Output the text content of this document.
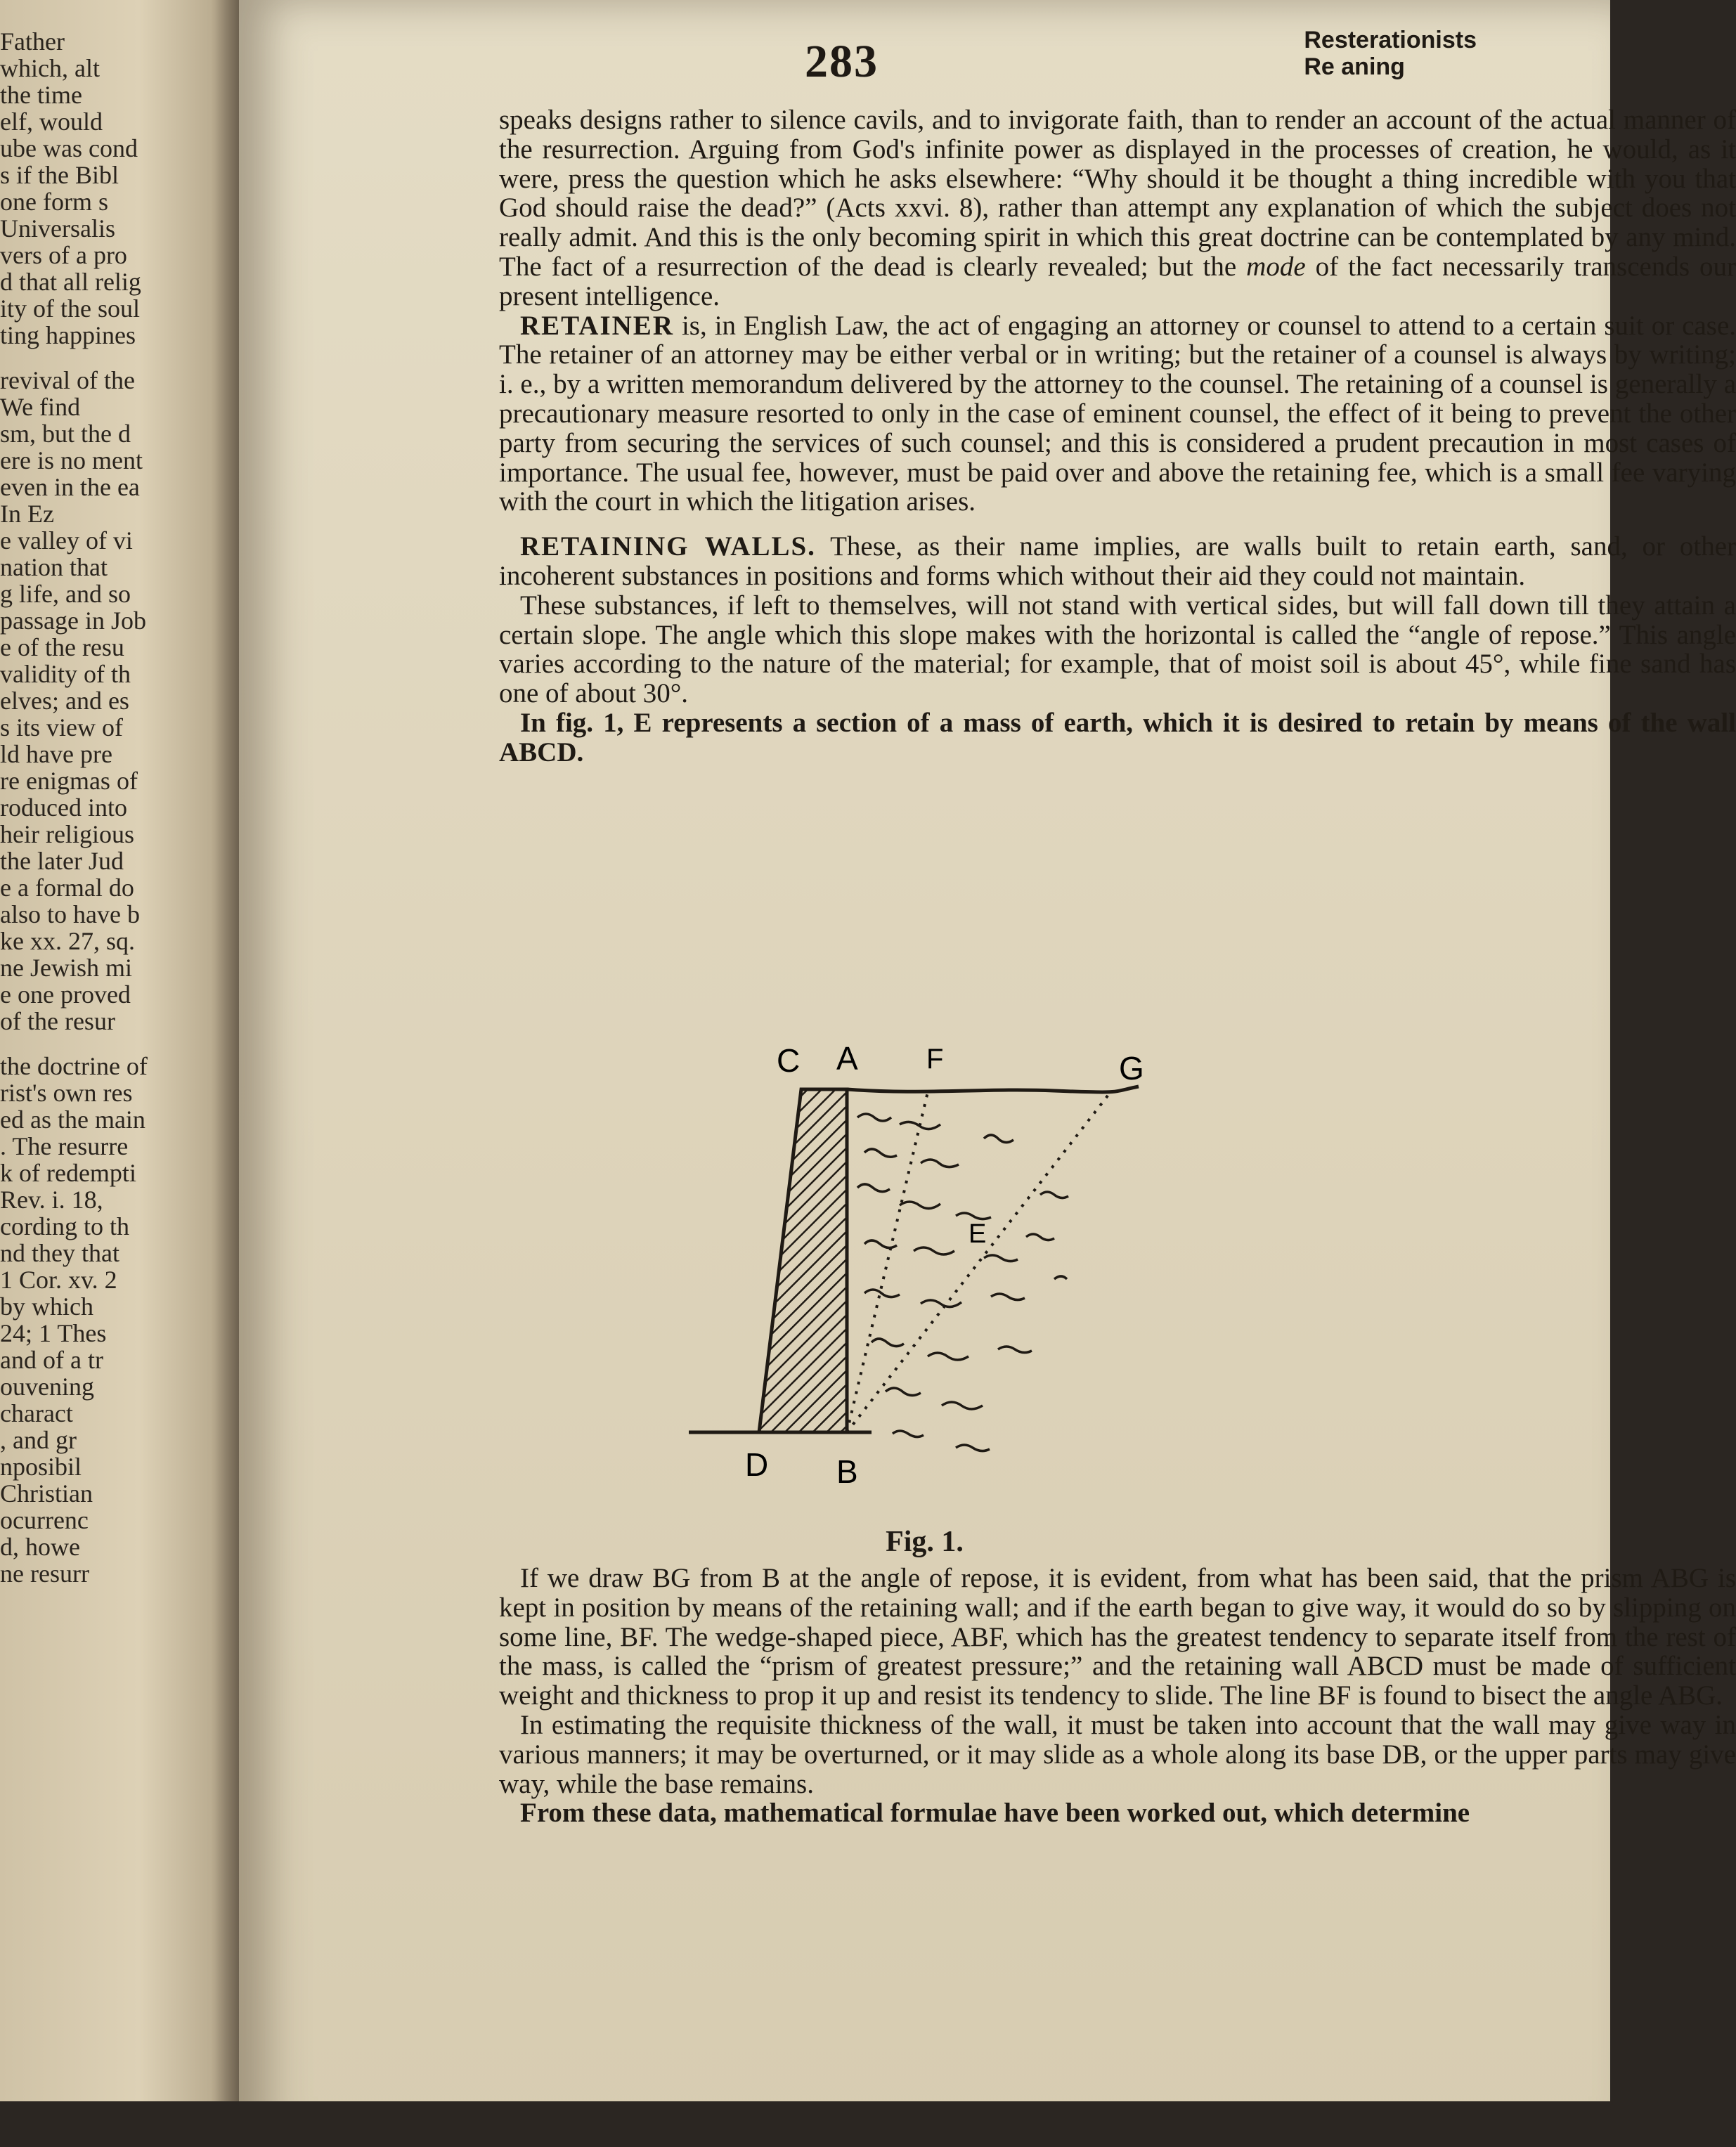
Father
which, alt
the time
elf, would
ube was cond
s if the Bibl
one form s
Universalis
vers of a pro
d that all relig
ity of the soul
ting happines
revival of the
We find
sm, but the d
ere is no ment
even in the ea
In Ez
e valley of vi
nation that
g life, and so
passage in Job
e of the resu
validity of th
elves; and es
s its view of
ld have pre
re enigmas of
roduced into
heir religious
the later Jud
e a formal do
also to have b
ke xx. 27, sq.
ne Jewish mi
e one proved
of the resur
the doctrine of
rist's own res
ed as the main
. The resurre
k of redempti
Rev. i. 18,
cording to th
nd they that
1 Cor. xv. 2
by which
24; 1 Thes
and of a tr
ouvening
charact
, and gr
nposibil
Christian
ocurrenc
d, howe
ne resurr
283	Resterationists
Re aning

speaks designs rather to silence cavils, and to invigorate faith, than to render an account of the actual manner of the resurrection. Arguing from God's infinite power as displayed in the processes of creation, he would, as it were, press the question which he asks elsewhere: “Why should it be thought a thing incredible with you that God should raise the dead?” (Acts xxvi. 8), rather than attempt any explanation of which the subject does not really admit. And this is the only becoming spirit in which this great doctrine can be contemplated by any mind. The fact of a resurrection of the dead is clearly revealed; but the mode of the fact necessarily transcends our present intelligence.

RETAINER is, in English Law, the act of engaging an attorney or counsel to attend to a certain suit or case. The retainer of an attorney may be either verbal or in writing; but the retainer of a counsel is always by writing; i. e., by a written memorandum delivered by the attorney to the counsel. The retaining of a counsel is generally a precautionary measure resorted to only in the case of eminent counsel, the effect of it being to prevent the other party from securing the services of such counsel; and this is considered a prudent precaution in most cases of importance. The usual fee, however, must be paid over and above the retaining fee, which is a small fee varying with the court in which the litigation arises.

RETAINING WALLS. These, as their name implies, are walls built to retain earth, sand, or other incoherent substances in positions and forms which without their aid they could not maintain.

These substances, if left to themselves, will not stand with vertical sides, but will fall down till they attain a certain slope. The angle which this slope makes with the horizontal is called the “angle of repose.” This angle varies according to the nature of the material; for example, that of moist soil is about 45°, while fine sand has one of about 30°.

In fig. 1, E represents a section of a mass of earth, which it is desired to retain by means of the wall ABCD.

C A F	G
E
D B
Fig. 1.

If we draw BG from B at the angle of repose, it is evident, from what has been said, that the prism ABG is kept in position by means of the retaining wall; and if the earth began to give way, it would do so by slipping on some line, BF. The wedge-shaped piece, ABF, which has the greatest tendency to separate itself from the rest of the mass, is called the “prism of greatest pressure;” and the retaining wall ABCD must be made of sufficient weight and thickness to prop it up and resist its tendency to slide. The line BF is found to bisect the angle ABG.

In estimating the requisite thickness of the wall, it must be taken into account that the wall may give way in various manners; it may be overturned, or it may slide as a whole along its base DB, or the upper parts may give way, while the base remains.

From these data, mathematical formulae have been worked out, which determine
